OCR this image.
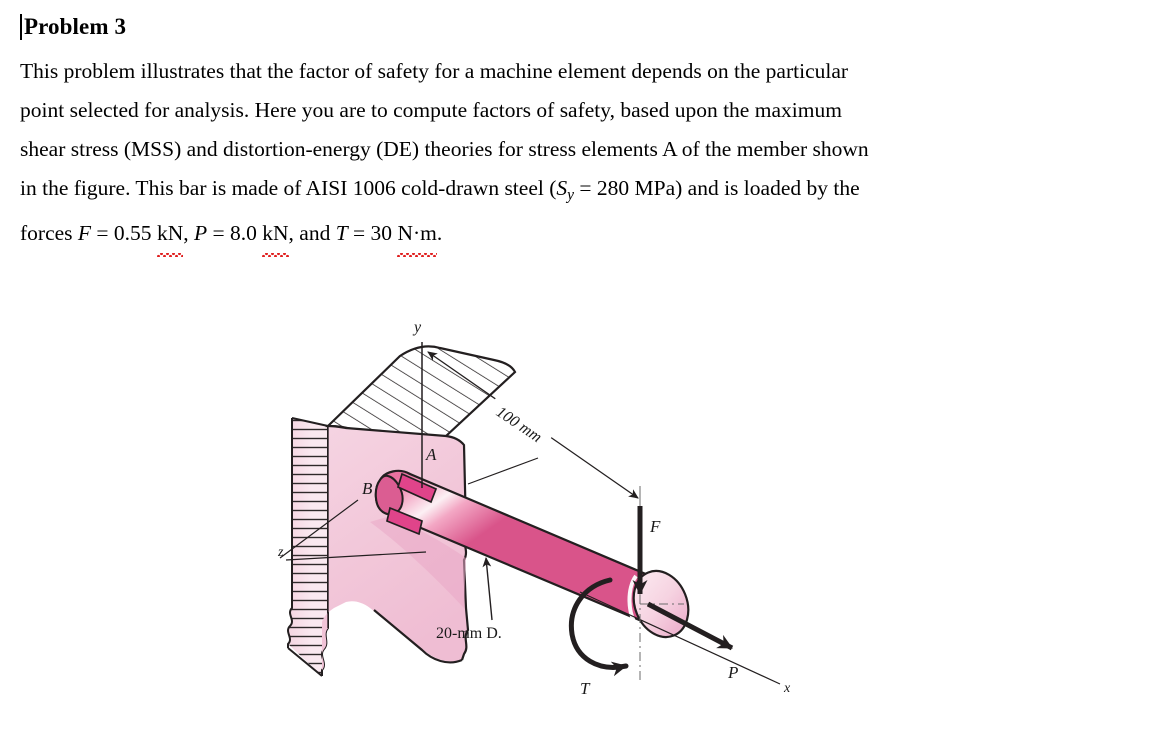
Problem 3
This problem illustrates that the factor of safety for a machine element depends on the particular
point selected for analysis. Here you are to compute factors of safety, based upon the maximum
shear stress (MSS) and distortion-energy (DE) theories for stress elements A of the member shown
in the figure. This bar is made of AISI 1006 cold-drawn steel ($S_y = 280$ MPa) and is loaded by the
forces F = 0.55 kN, P = 8.0 kN, and T = 30 N·m.
y
z
x
100 mm
20-mm D.
F
P
T
A
B
